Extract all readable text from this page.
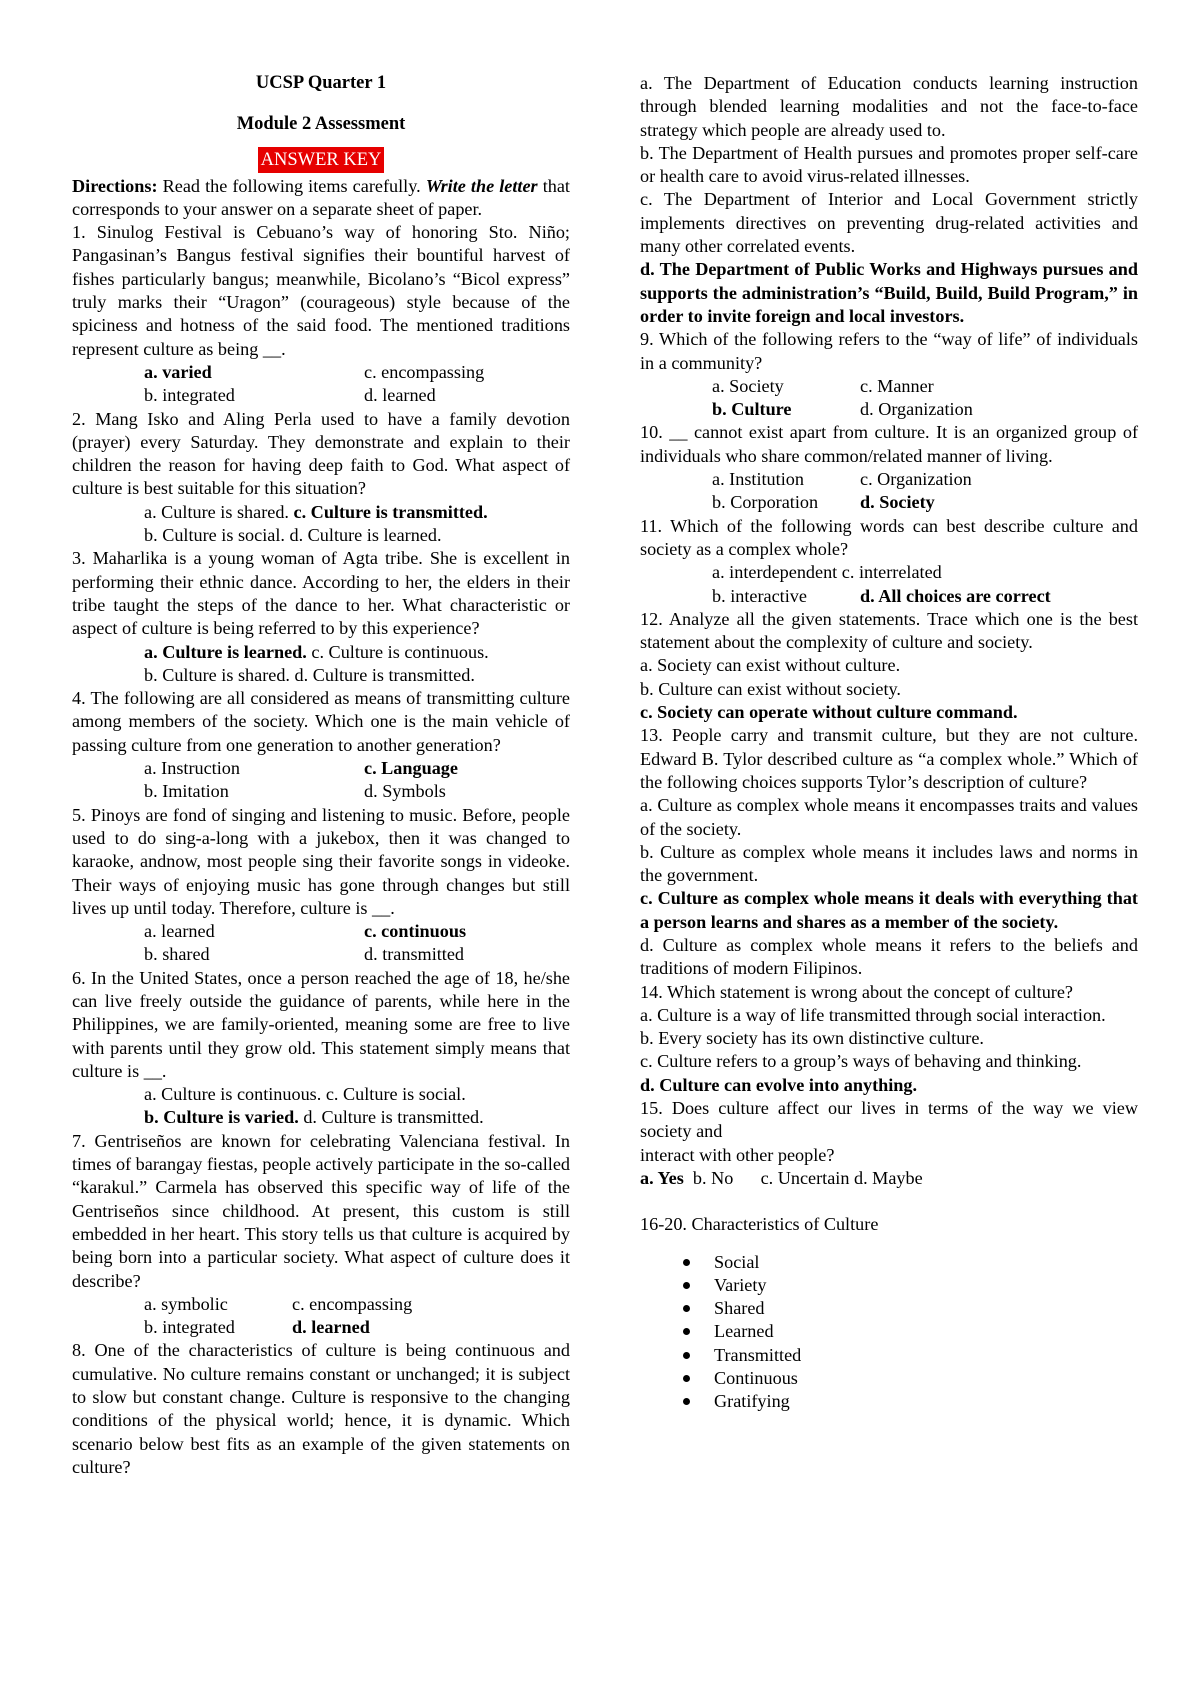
UCSP Quarter 1

Module 2 Assessment

ANSWER KEY

Directions: Read the following items carefully. Write the letter that corresponds to your answer on a separate sheet of paper.

1. Sinulog Festival is Cebuano’s way of honoring Sto. Niño; Pangasinan’s Bangus festival signifies their bountiful harvest of fishes particularly bangus; meanwhile, Bicolano’s “Bicol express” truly marks their “Uragon” (courageous) style because of the spiciness and hotness of the said food. The mentioned traditions represent culture as being __.

a. varied	c. encompassing
b. integrated	d. learned

2. Mang Isko and Aling Perla used to have a family devotion (prayer) every Saturday. They demonstrate and explain to their children the reason for having deep faith to God. What aspect of culture is best suitable for this situation?

a. Culture is shared. c. Culture is transmitted.

b. Culture is social. d. Culture is learned.

3. Maharlika is a young woman of Agta tribe. She is excellent in performing their ethnic dance. According to her, the elders in their tribe taught the steps of the dance to her. What characteristic or aspect of culture is being referred to by this experience?

a. Culture is learned. c. Culture is continuous.

b. Culture is shared. d. Culture is transmitted.

4. The following are all considered as means of transmitting culture among members of the society. Which one is the main vehicle of passing culture from one generation to another generation?

a. Instruction	c. Language
b. Imitation	d. Symbols

5. Pinoys are fond of singing and listening to music. Before, people used to do sing-a-long with a jukebox, then it was changed to karaoke, andnow, most people sing their favorite songs in videoke. Their ways of enjoying music has gone through changes but still lives up until today. Therefore, culture is __.

a. learned	c. continuous
b. shared	d. transmitted

6. In the United States, once a person reached the age of 18, he/she can live freely outside the guidance of parents, while here in the Philippines, we are family-oriented, meaning some are free to live with parents until they grow old. This statement simply means that culture is __.

a. Culture is continuous. c. Culture is social.

b. Culture is varied. d. Culture is transmitted.

7. Gentriseños are known for celebrating Valenciana festival. In times of barangay fiestas, people actively participate in the so-called “karakul.” Carmela has observed this specific way of life of the Gentriseños since childhood. At present, this custom is still embedded in her heart. This story tells us that culture is acquired by being born into a particular society. What aspect of culture does it describe?

a. symbolic	c. encompassing
b. integrated	d. learned

8. One of the characteristics of culture is being continuous and cumulative. No culture remains constant or unchanged; it is subject to slow but constant change. Culture is responsive to the changing conditions of the physical world; hence, it is dynamic. Which scenario below best fits as an example of the given statements on culture?

a. The Department of Education conducts learning instruction through blended learning modalities and not the face-to-face strategy which people are already used to.

b. The Department of Health pursues and promotes proper self-care or health care to avoid virus-related illnesses.

c. The Department of Interior and Local Government strictly implements directives on preventing drug-related activities and many other correlated events.

d. The Department of Public Works and Highways pursues and supports the administration’s “Build, Build, Build Program,” in order to invite foreign and local investors.

9. Which of the following refers to the “way of life” of individuals in a community?

a. Society	c. Manner
b. Culture	d. Organization

10. __ cannot exist apart from culture. It is an organized group of individuals who share common/related manner of living.

a. Institution	c. Organization
b. Corporation	d. Society

11. Which of the following words can best describe culture and society as a complex whole?

a. interdependent c. interrelated

b. interactive	d. All choices are correct

12. Analyze all the given statements. Trace which one is the best statement about the complexity of culture and society.

a. Society can exist without culture.

b. Culture can exist without society.

c. Society can operate without culture command.

13. People carry and transmit culture, but they are not culture. Edward B. Tylor described culture as “a complex whole.” Which of the following choices supports Tylor’s description of culture?

a. Culture as complex whole means it encompasses traits and values of the society.

b. Culture as complex whole means it includes laws and norms in the government.

c. Culture as complex whole means it deals with everything that a person learns and shares as a member of the society.

d. Culture as complex whole means it refers to the beliefs and traditions of modern Filipinos.

14. Which statement is wrong about the concept of culture?

a. Culture is a way of life transmitted through social interaction.

b. Every society has its own distinctive culture.

c. Culture refers to a group’s ways of behaving and thinking.

d. Culture can evolve into anything.

15. Does culture affect our lives in terms of the way we view society and

interact with other people?

a. Yes  b. No      c. Uncertain d. Maybe

16-20. Characteristics of Culture

Social
Variety
Shared
Learned
Transmitted
Continuous
Gratifying
